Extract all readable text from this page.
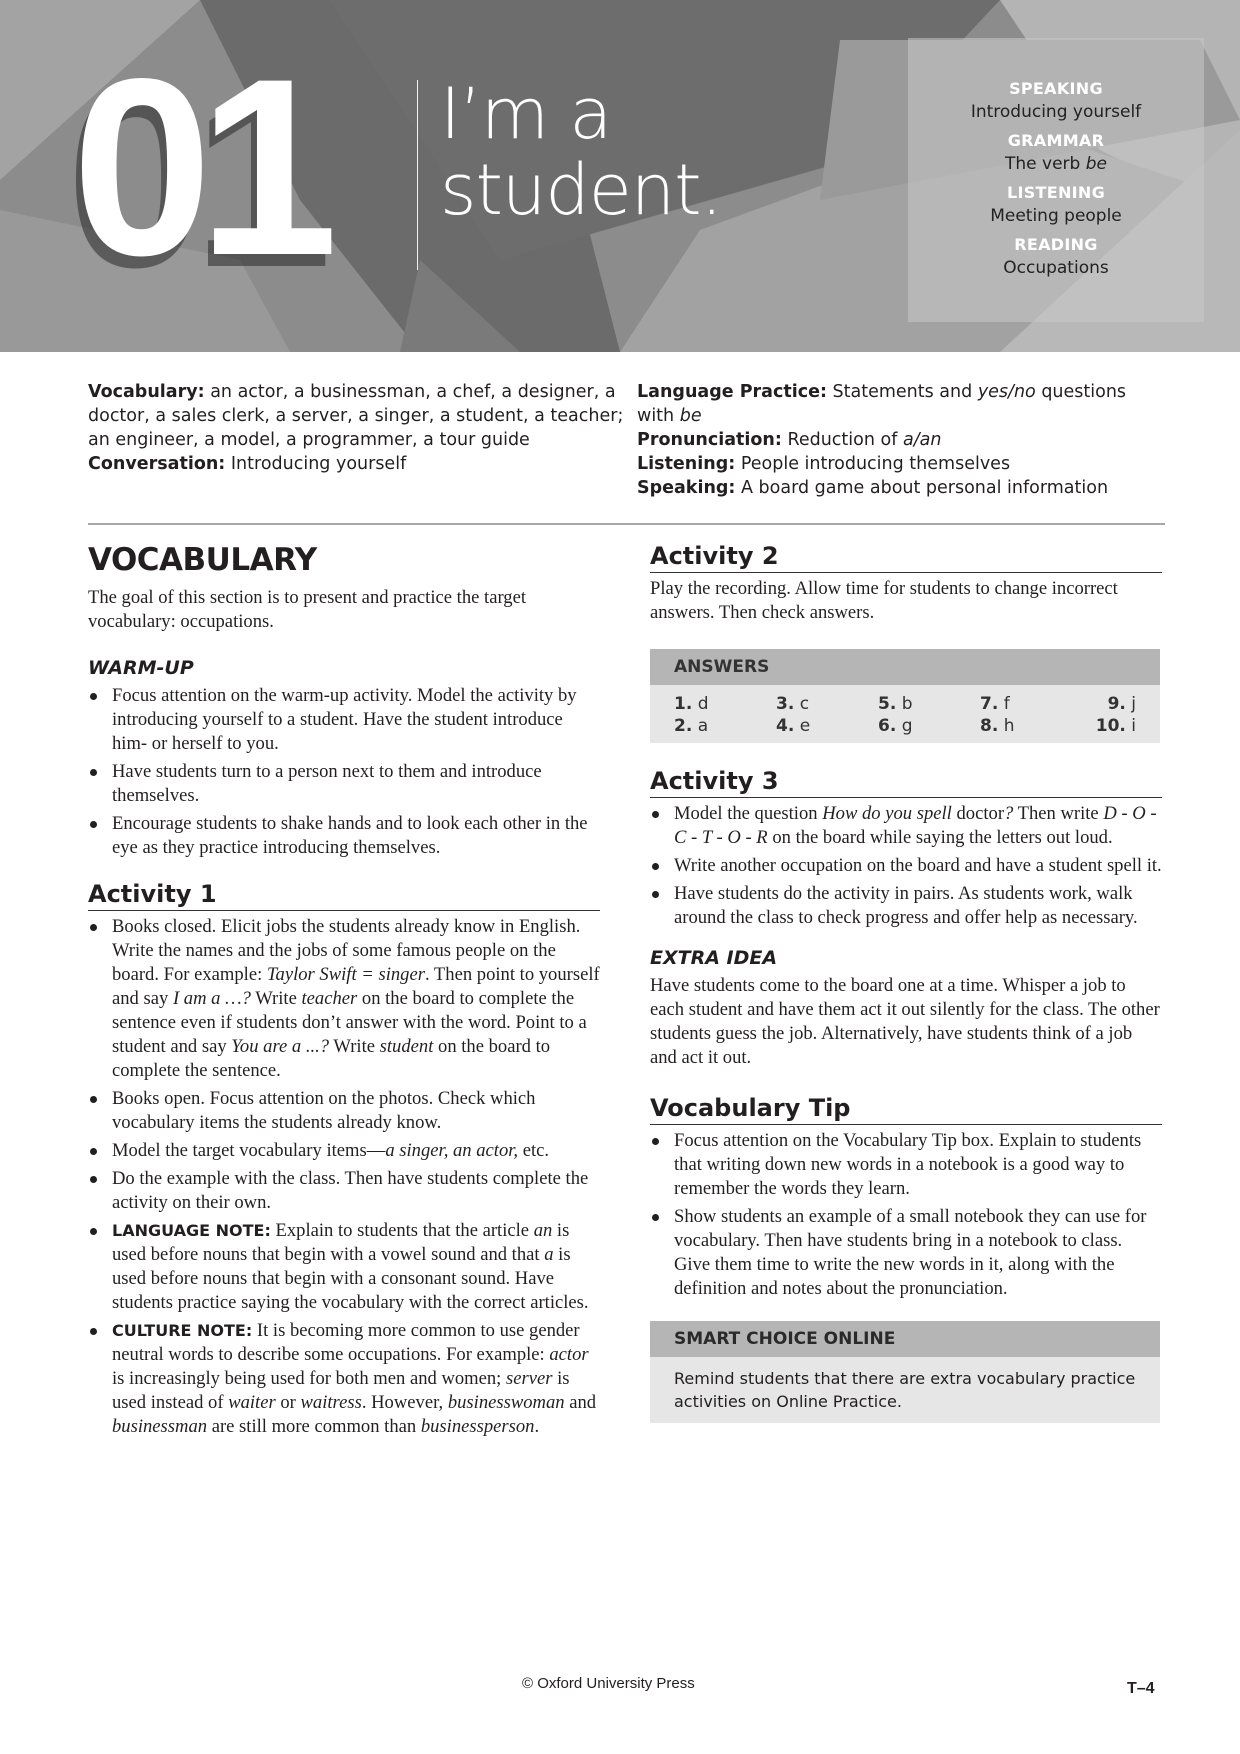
01 I’m a
student.
SPEAKING
Introducing yourself
GRAMMAR
The verb be
LISTENING
Meeting people
READING
Occupations

Vocabulary: an actor, a businessman, a chef, a designer, a doctor, a sales clerk, a server, a singer, a student, a teacher; an engineer, a model, a programmer, a tour guide

Conversation: Introducing yourself

Language Practice: Statements and yes/no questions with be

Pronunciation: Reduction of a/an

Listening: People introducing themselves

Speaking: A board game about personal information

VOCABULARY

The goal of this section is to present and practice the target vocabulary: occupations.

WARM-UP
Focus attention on the warm-up activity. Model the activity by introducing yourself to a student. Have the student introduce him- or herself to you.
Have students turn to a person next to them and introduce themselves.
Encourage students to shake hands and to look each other in the eye as they practice introducing themselves.
Activity 1
Books closed. Elicit jobs the students already know in English. Write the names and the jobs of some famous people on the board. For example: Taylor Swift = singer. Then point to yourself and say I am a …? Write teacher on the board to complete the sentence even if students don’t answer with the word. Point to a student and say You are a ...? Write student on the board to complete the sentence.
Books open. Focus attention on the photos. Check which vocabulary items the students already know.
Model the target vocabulary items—a singer, an actor, etc.
Do the example with the class. Then have students complete the activity on their own.
LANGUAGE NOTE: Explain to students that the article an is used before nouns that begin with a vowel sound and that a is used before nouns that begin with a consonant sound. Have students practice saying the vocabulary with the correct articles.
CULTURE NOTE: It is becoming more common to use gender neutral words to describe some occupations. For example: actor is increasingly being used for both men and women; server is used instead of waiter or waitress. However, businesswoman and businessman are still more common than businessperson.
Activity 2

Play the recording. Allow time for students to change incorrect answers. Then check answers.

ANSWERS
1. d	3. c	5. b	7. f	9. j
2. a	4. e	6. g	8. h	10. i
Activity 3
Model the question How do you spell doctor? Then write D - O - C - T - O - R on the board while saying the letters out loud.
Write another occupation on the board and have a student spell it.
Have students do the activity in pairs. As students work, walk around the class to check progress and offer help as necessary.
EXTRA IDEA

Have students come to the board one at a time. Whisper a job to each student and have them act it out silently for the class. The other students guess the job. Alternatively, have students think of a job and act it out.

Vocabulary Tip
Focus attention on the Vocabulary Tip box. Explain to students that writing down new words in a notebook is a good way to remember the words they learn.
Show students an example of a small notebook they can use for vocabulary. Then have students bring in a notebook to class. Give them time to write the new words in it, along with the definition and notes about the pronunciation.
SMART CHOICE ONLINE
Remind students that there are extra vocabulary practice activities on Online Practice.
© Oxford University Press	T–4
